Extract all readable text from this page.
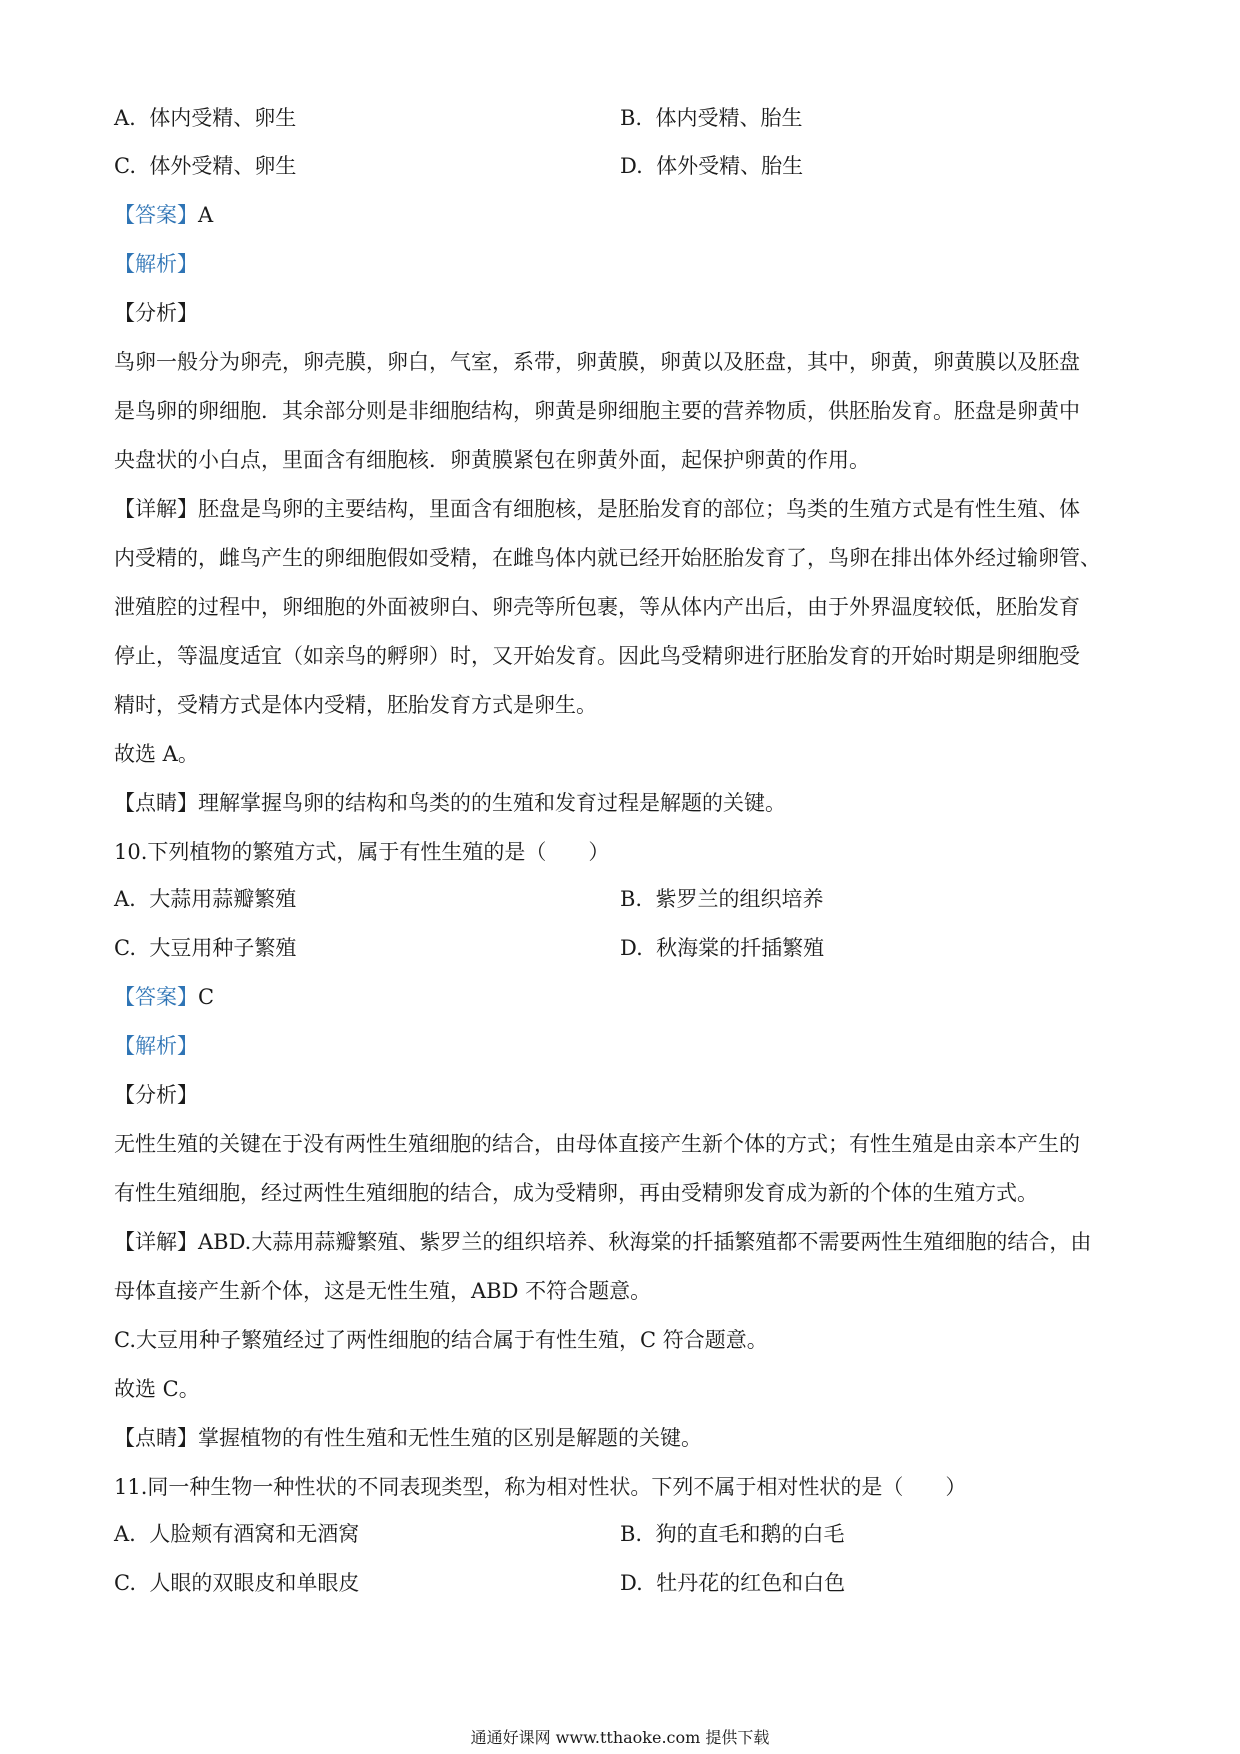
A. 体内受精、卵生	B. 体内受精、胎生
C. 体外受精、卵生	D. 体外受精、胎生
【答案】A
【解析】
【分析】
鸟卵一般分为卵壳，卵壳膜，卵白，气室，系带，卵黄膜，卵黄以及胚盘，其中，卵黄，卵黄膜以及胚盘
是鸟卵的卵细胞．其余部分则是非细胞结构，卵黄是卵细胞主要的营养物质，供胚胎发育。胚盘是卵黄中
央盘状的小白点，里面含有细胞核．卵黄膜紧包在卵黄外面，起保护卵黄的作用。
【详解】胚盘是鸟卵的主要结构，里面含有细胞核，是胚胎发育的部位；鸟类的生殖方式是有性生殖、体
内受精的，雌鸟产生的卵细胞假如受精，在雌鸟体内就已经开始胚胎发育了，鸟卵在排出体外经过输卵管、
泄殖腔的过程中，卵细胞的外面被卵白、卵壳等所包裹，等从体内产出后，由于外界温度较低，胚胎发育
停止，等温度适宜（如亲鸟的孵卵）时，又开始发育。因此鸟受精卵进行胚胎发育的开始时期是卵细胞受
精时，受精方式是体内受精，胚胎发育方式是卵生。
故选 A。
【点睛】理解掌握鸟卵的结构和鸟类的的生殖和发育过程是解题的关键。
10.下列植物的繁殖方式，属于有性生殖的是（　　）
A. 大蒜用蒜瓣繁殖	B. 紫罗兰的组织培养
C. 大豆用种子繁殖	D. 秋海棠的扦插繁殖
【答案】C
【解析】
【分析】
无性生殖的关键在于没有两性生殖细胞的结合，由母体直接产生新个体的方式；有性生殖是由亲本产生的
有性生殖细胞，经过两性生殖细胞的结合，成为受精卵，再由受精卵发育成为新的个体的生殖方式。
【详解】ABD.大蒜用蒜瓣繁殖、紫罗兰的组织培养、秋海棠的扦插繁殖都不需要两性生殖细胞的结合，由
母体直接产生新个体，这是无性生殖，ABD 不符合题意。
C.大豆用种子繁殖经过了两性细胞的结合属于有性生殖，C 符合题意。
故选 C。
【点睛】掌握植物的有性生殖和无性生殖的区别是解题的关键。
11.同一种生物一种性状的不同表现类型，称为相对性状。下列不属于相对性状的是（　　）
A. 人脸颊有酒窝和无酒窝	B. 狗的直毛和鹅的白毛
C. 人眼的双眼皮和单眼皮	D. 牡丹花的红色和白色
通通好课网 www.tthaoke.com 提供下载
